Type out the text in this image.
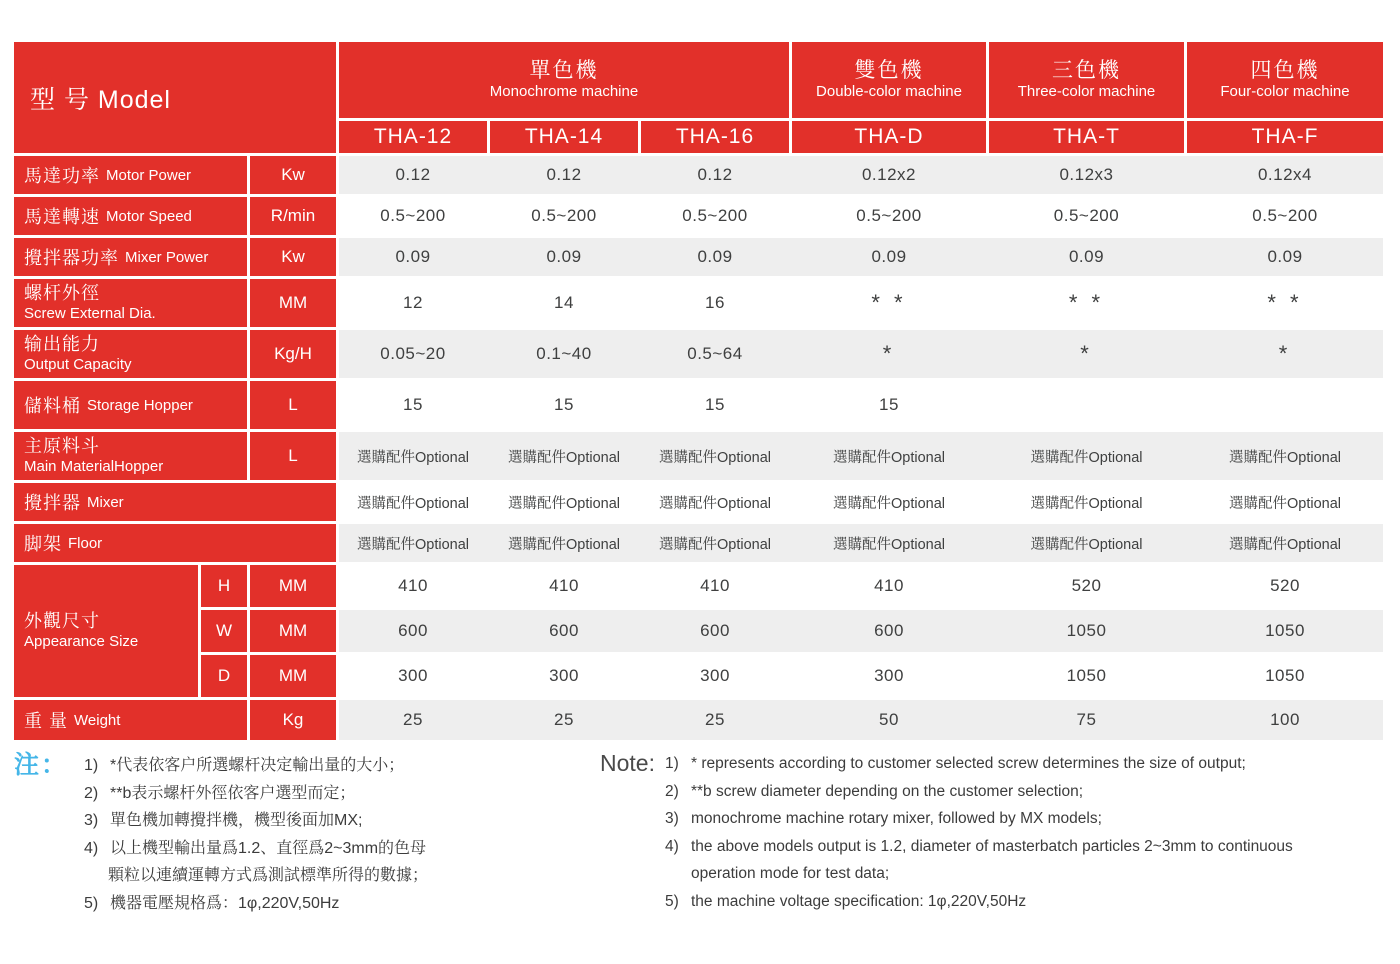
型 号 Model
單色機
Monochrome machine
雙色機
Double-color machine
三色機
Three-color machine
四色機
Four-color machine
THA-12	THA-14	THA-16	THA-D	THA-T	THA-F
馬達功率 Motor Power	Kw	0.12	0.12	0.12	0.12x2	0.12x3	0.12x4
馬達轉速 Motor Speed	R/min	0.5~200	0.5~200	0.5~200	0.5~200	0.5~200	0.5~200
攪拌器功率 Mixer Power	Kw	0.09	0.09	0.09	0.09	0.09	0.09
螺杆外徑
Screw External Dia.
MM	12	14	16	* *	* *	* *
输出能力
Output Capacity
Kg/H	0.05~20	0.1~40	0.5~64	*	*	*
儲料桶 Storage Hopper	L	15	15	15	15
主原料斗
Main MaterialHopper
L	選購配件Optional	選購配件Optional	選購配件Optional	選購配件Optional	選購配件Optional	選購配件Optional
攪拌器 Mixer	選購配件Optional	選購配件Optional	選購配件Optional	選購配件Optional	選購配件Optional	選購配件Optional
脚架 Floor	選購配件Optional	選購配件Optional	選購配件Optional	選購配件Optional	選購配件Optional	選購配件Optional
外觀尺寸
Appearance Size
H	MM	410	410	410	410	520	520
W	MM	600	600	600	600	1050	1050
D	MM	300	300	300	300	1050	1050
重 量 Weight	Kg	25	25	25	50	75	100
注： 1) *代表依客户所選螺杆决定輸出量的大小；
2) **b表示螺杆外徑依客户選型而定；
3) 單色機加轉攪拌機，機型後面加MX;
4) 以上機型輸出量爲1.2、直徑爲2~3mm的色母
顆粒以連續運轉方式爲測試標準所得的數據；
5) 機器電壓規格爲：1φ,220V,50Hz
Note: 1) * represents according to customer selected screw determines the size of output;
2) **b screw diameter depending on the customer selection;
3) monochrome machine rotary mixer, followed by MX models;
4) the above models output is 1.2, diameter of masterbatch particles 2~3mm to continuous
operation mode for test data;
5) the machine voltage specification: 1φ,220V,50Hz
